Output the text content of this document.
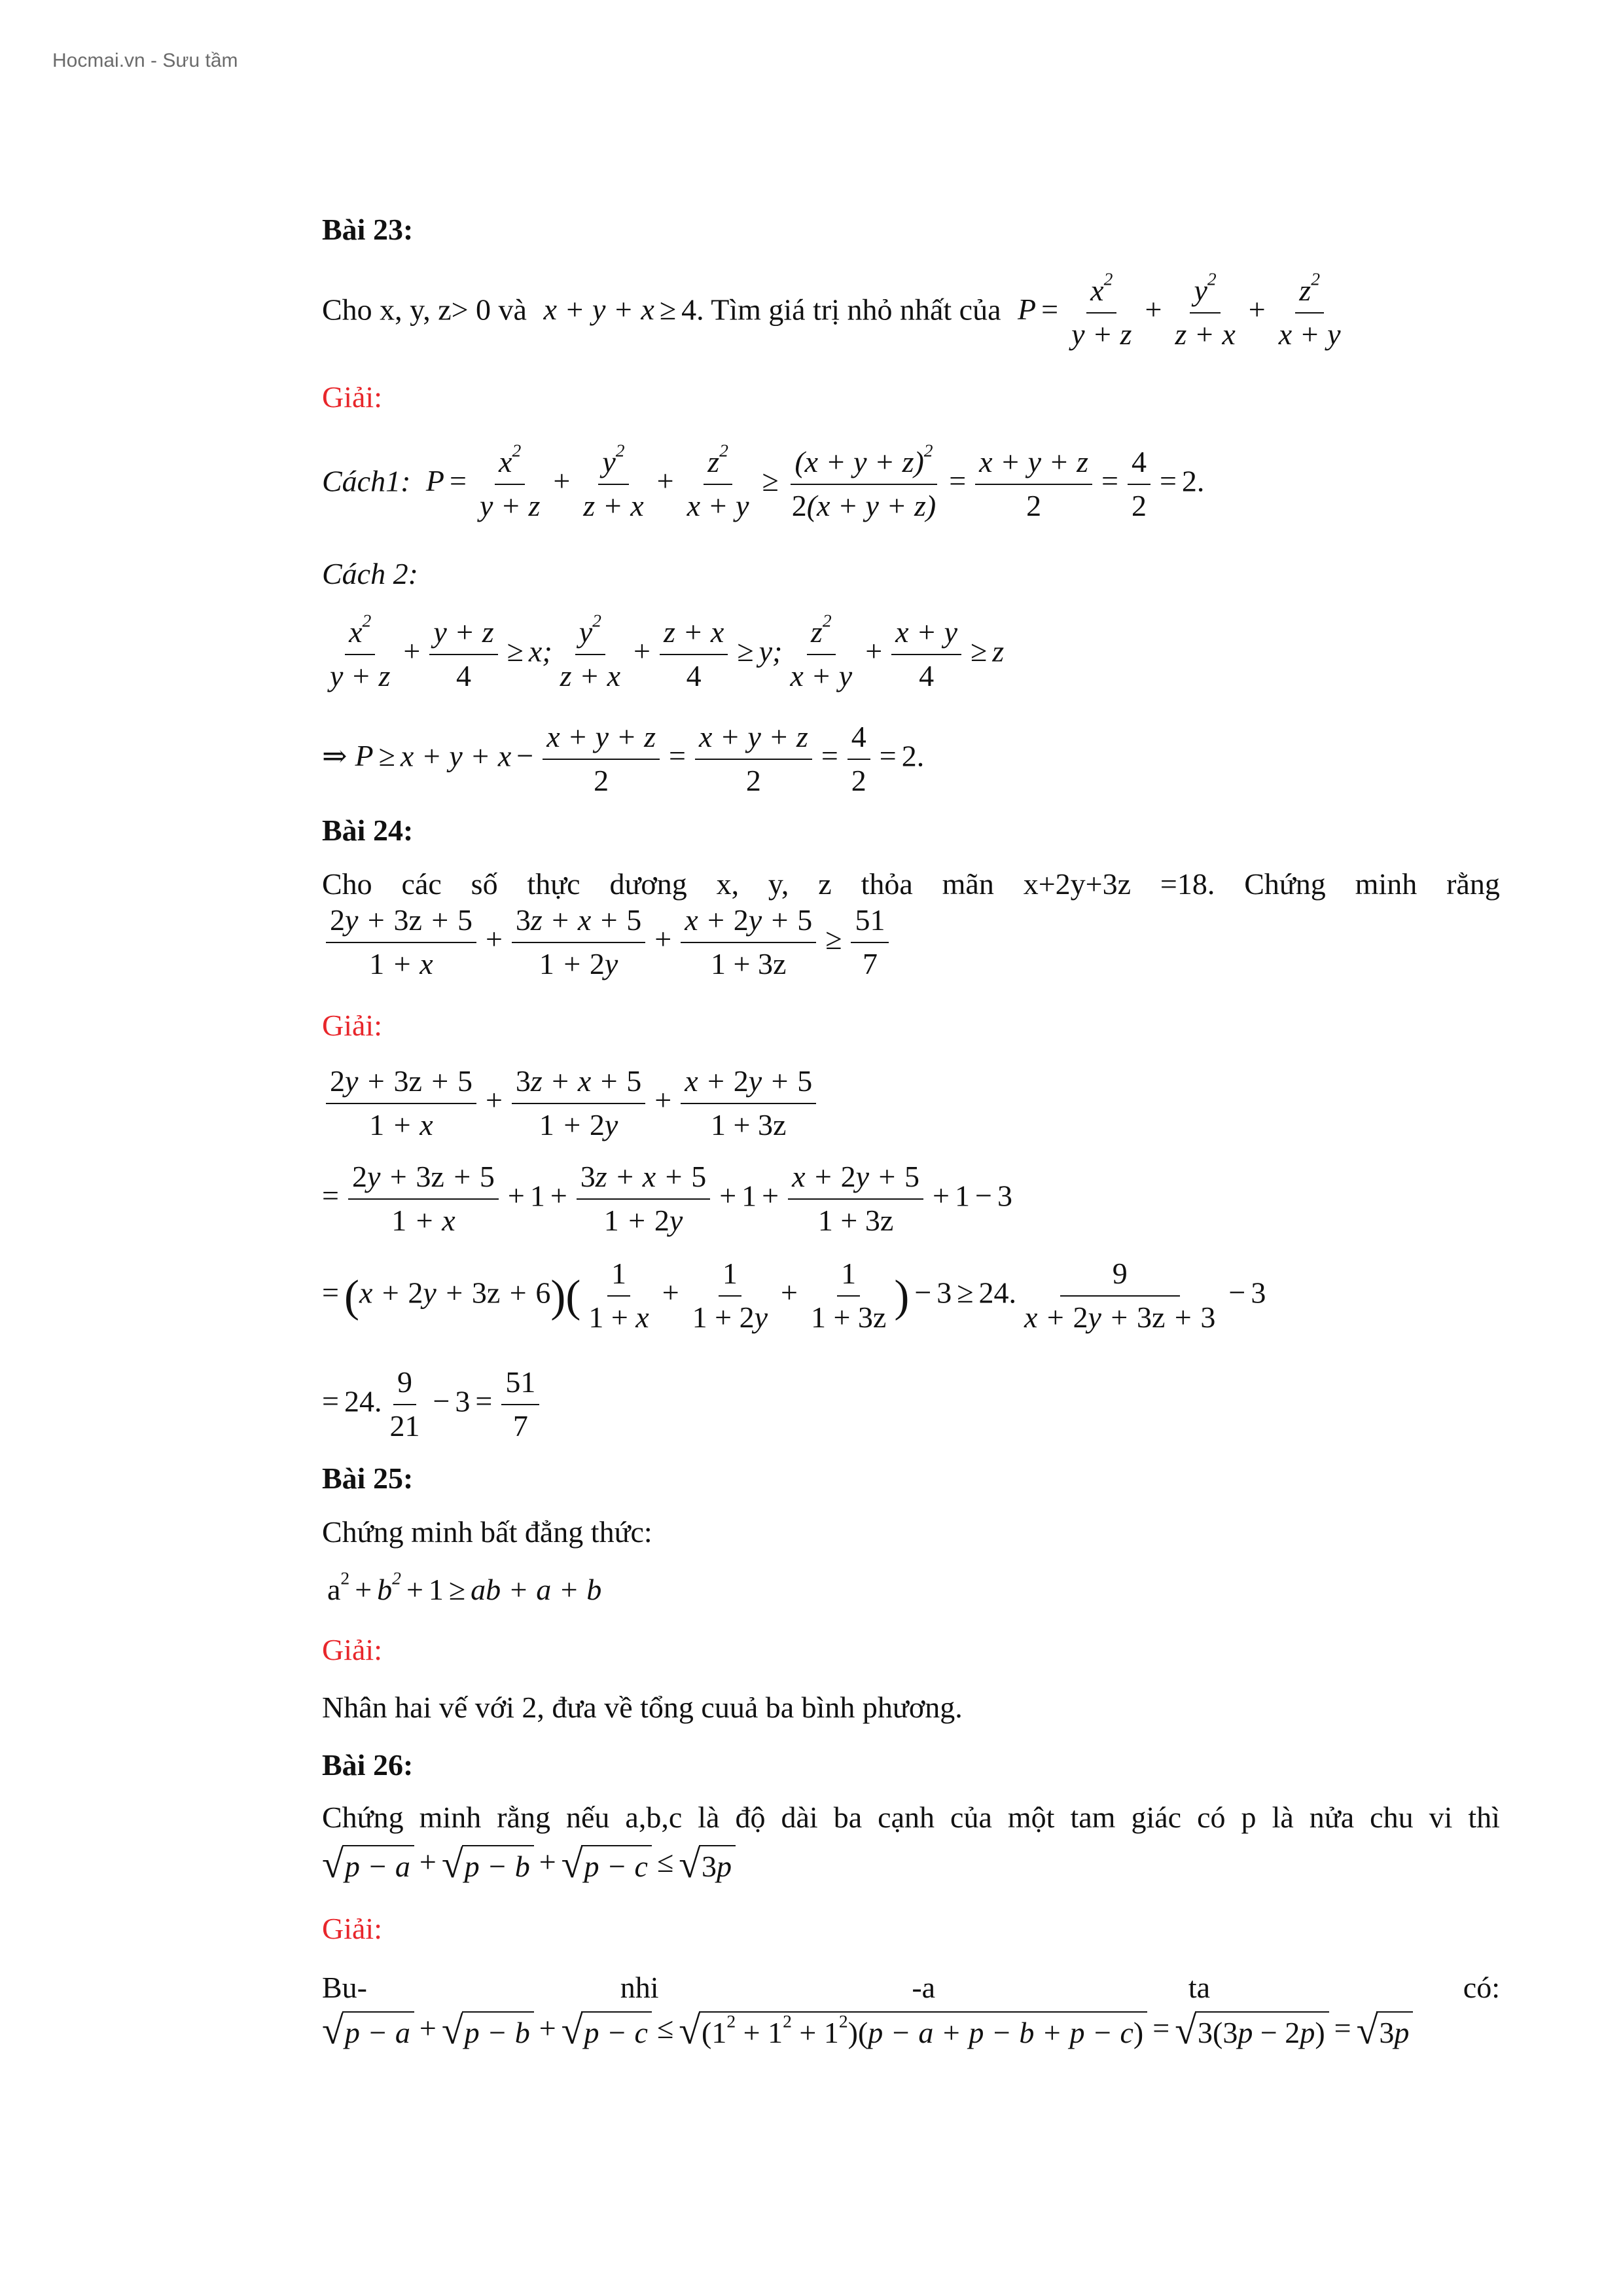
Hocmai.vn - Sưu tầm
Bài 23:
Cho x, y, z> 0 và x + y + x ≥ 4. Tìm giá trị nhỏ nhất của $P = \frac{x^2}{y + z} + \frac{y^2}{z + x} + \frac{z^2}{x + y}$
Giải:
Cách1: $P = \frac{x^2}{y + z} + \frac{y^2}{z + x} + \frac{z^2}{x + y} \ge \frac{(x + y + z)^2}{2(x + y + z)} = \frac{x + y + z}{2} = \frac{4}{2} = 2$.
Cách 2:
$\frac{x^2}{y + z} + \frac{y + z}{4} \ge x$; $\frac{y^2}{z + x} + \frac{z + x}{4} \ge y$; $\frac{z^2}{x + y} + \frac{x + y}{4} \ge z$
⇒ $P \ge x + y + x - \frac{x + y + z}{2} = \frac{x + y + z}{2} = \frac{4}{2} = 2$.
Bài 24:
Cho các số thực dương x, y, z thỏa mãn x+2y+3z =18. Chứng minh rằng
$\frac{2y + 3z + 5}{1 + x} + \frac{3z + x + 5}{1 + 2y} + \frac{x + 2y + 5}{1 + 3z} \ge \frac{51}{7}$
Giải:
$\frac{2y + 3z + 5}{1 + x} + \frac{3z + x + 5}{1 + 2y} + \frac{x + 2y + 5}{1 + 3z}$
= $\frac{2y + 3z + 5}{1 + x} + 1 + \frac{3z + x + 5}{1 + 2y} + 1 + \frac{x + 2y + 5}{1 + 3z} + 1 - 3$
= $(x + 2y + 3z + 6)( \frac{1}{1 + x} + \frac{1}{1 + 2y} + \frac{1}{1 + 3z}$ ) − 3 ≥ 24. $\frac{9}{x + 2y + 3z + 3} - 3$
= 24. $\frac{9}{21} - 3 = \frac{51}{7}$
Bài 25:
Chứng minh bất đẳng thức:
$a^2 + b^2 + 1$ ≥ ab + a + b
Giải:
Nhân hai vế với 2, đưa về tổng cuuả ba bình phương.
Bài 26:
Chứng minh rằng nếu a,b,c là độ dài ba cạnh của một tam giác có p là nửa chu vi thì
√ p − a + √ p − b + √ p − c ≤ √ 3p
Giải:
Bu-	nhi	-a	ta	có:
√ p − a + √ p − b + √ p − c ≤ √ $(1^2 + 1^2 + 1^2)(p - a + p - b + p - c)$ = √ 3(3p − 2p) = √ 3p
